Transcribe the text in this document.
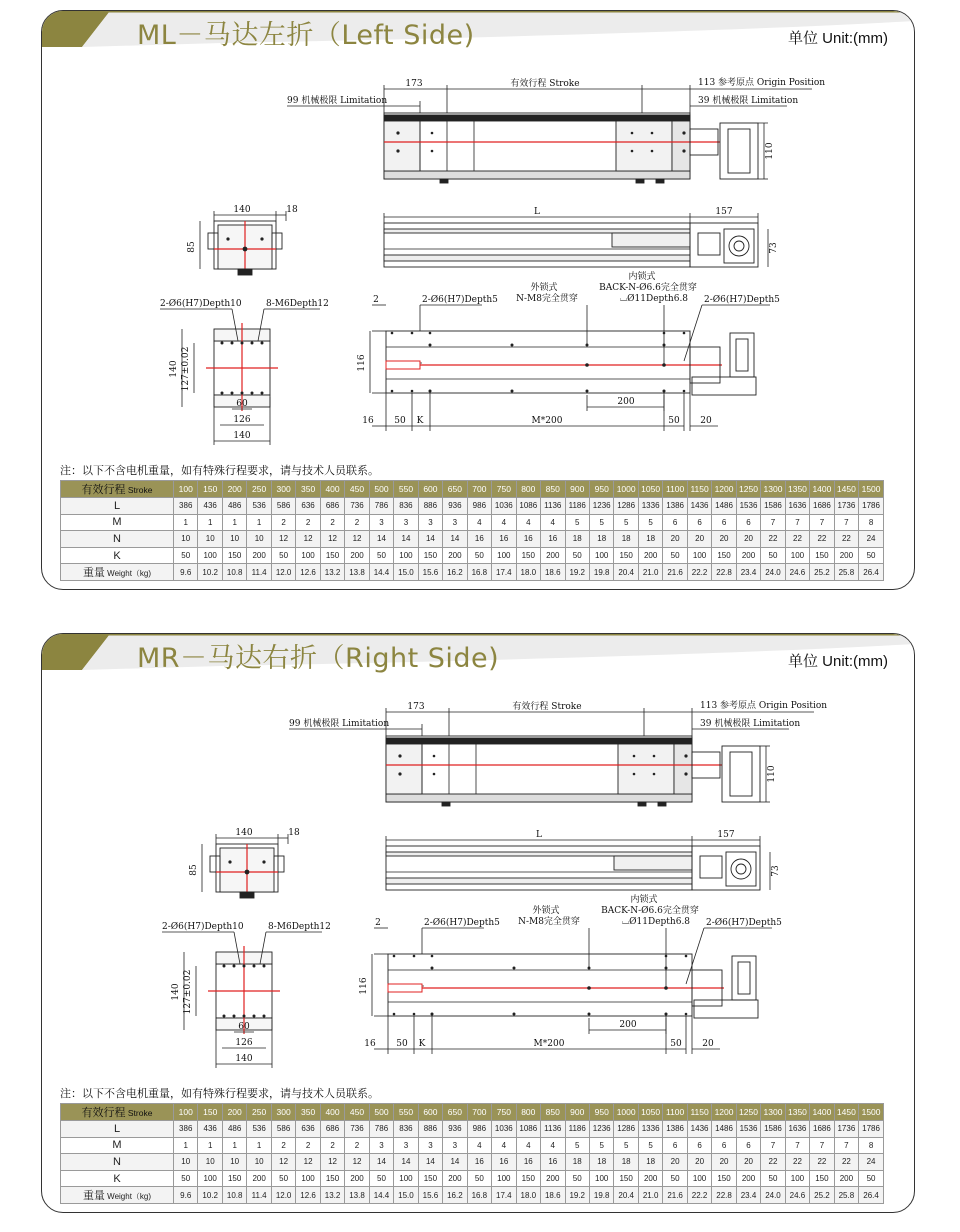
ML－马达左折（Left Side)	单位 Unit:(mm)
173	有效行程 Stroke	113 参考原点 Origin Position
99 机械极限 Limitation	39 机械极限 Limitation
110
140	18
85
L	157
73
2-Ø6(H7)Depth10	8-M6Depth12
140 127±0.02
60
126
140
116
2	2-Ø6(H7)Depth5
外锁式
N-M8完全贯穿
内锁式
BACK-N-Ø6.6完全贯穿
⌴Ø11Depth6.8 2-Ø6(H7)Depth5
200
16 50 K	M*200	50 20
注：以下不含电机重量，如有特殊行程要求，请与技术人员联系。
有效行程 Stroke	100	150	200	250	300	350	400	450	500	550	600	650	700	750	800	850	900	950	1000	1050	1100	1150	1200	1250	1300	1350	1400	1450	1500
L	386	436	486	536	586	636	686	736	786	836	886	936	986	1036	1086	1136	1186	1236	1286	1336	1386	1436	1486	1536	1586	1636	1686	1736	1786
M	1	1	1	1	2	2	2	2	3	3	3	3	4	4	4	4	5	5	5	5	6	6	6	6	7	7	7	7	8
N	10	10	10	10	12	12	12	12	14	14	14	14	16	16	16	16	18	18	18	18	20	20	20	20	22	22	22	22	24
K	50	100	150	200	50	100	150	200	50	100	150	200	50	100	150	200	50	100	150	200	50	100	150	200	50	100	150	200	50
重量 Weight（kg)	9.6	10.2	10.8	11.4	12.0	12.6	13.2	13.8	14.4	15.0	15.6	16.2	16.8	17.4	18.0	18.6	19.2	19.8	20.4	21.0	21.6	22.2	22.8	23.4	24.0	24.6	25.2	25.8	26.4
MR－马达右折（Right Side)	单位 Unit:(mm)
173	有效行程 Stroke	113 参考原点 Origin Position
99 机械极限 Limitation	39 机械极限 Limitation
110
140	18
85
L	157
73
2-Ø6(H7)Depth10	8-M6Depth12
140 127±0.02
60
126
140
116
2	2-Ø6(H7)Depth5
外锁式
N-M8完全贯穿
内锁式
BACK-N-Ø6.6完全贯穿
⌴Ø11Depth6.8 2-Ø6(H7)Depth5
200
16 50 K	M*200	50 20
注：以下不含电机重量，如有特殊行程要求，请与技术人员联系。
有效行程 Stroke	100	150	200	250	300	350	400	450	500	550	600	650	700	750	800	850	900	950	1000	1050	1100	1150	1200	1250	1300	1350	1400	1450	1500
L	386	436	486	536	586	636	686	736	786	836	886	936	986	1036	1086	1136	1186	1236	1286	1336	1386	1436	1486	1536	1586	1636	1686	1736	1786
M	1	1	1	1	2	2	2	2	3	3	3	3	4	4	4	4	5	5	5	5	6	6	6	6	7	7	7	7	8
N	10	10	10	10	12	12	12	12	14	14	14	14	16	16	16	16	18	18	18	18	20	20	20	20	22	22	22	22	24
K	50	100	150	200	50	100	150	200	50	100	150	200	50	100	150	200	50	100	150	200	50	100	150	200	50	100	150	200	50
重量 Weight（kg)	9.6	10.2	10.8	11.4	12.0	12.6	13.2	13.8	14.4	15.0	15.6	16.2	16.8	17.4	18.0	18.6	19.2	19.8	20.4	21.0	21.6	22.2	22.8	23.4	24.0	24.6	25.2	25.8	26.4
